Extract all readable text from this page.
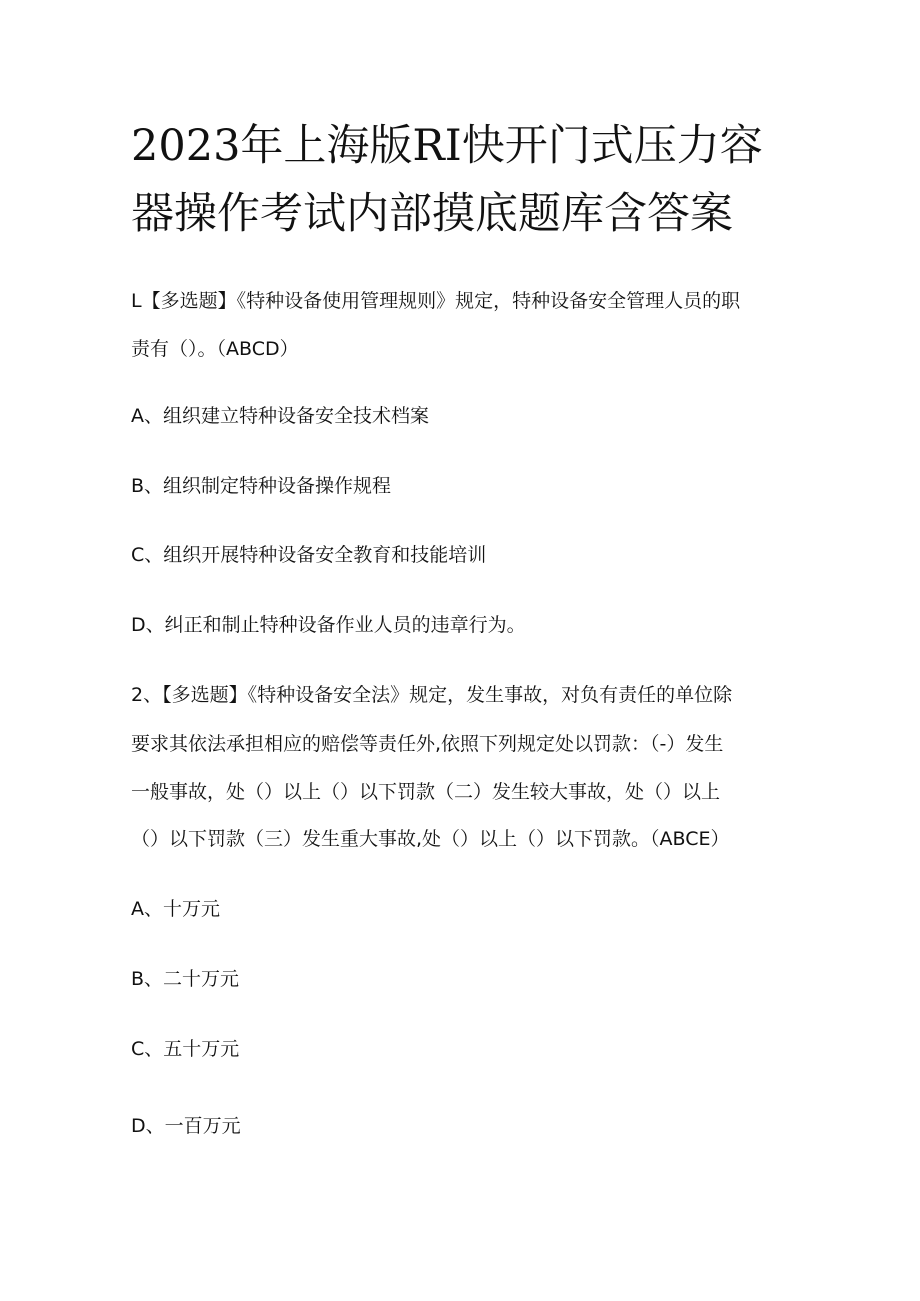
2023年上海版RI快开门式压力容
器操作考试内部摸底题库含答案
L【多选题】《特种设备使用管理规则》规定，特种设备安全管理人员的职
责有（）。（ABCD）
A、组织建立特种设备安全技术档案
B、组织制定特种设备操作规程
C、组织开展特种设备安全教育和技能培训
D、纠正和制止特种设备作业人员的违章行为。
2、【多选题】《特种设备安全法》规定，发生事故，对负有责任的单位除
要求其依法承担相应的赔偿等责任外,依照下列规定处以罚款：（-）发生
一般事故，处（）以上（）以下罚款（二）发生较大事故，处（）以上
（）以下罚款（三）发生重大事故,处（）以上（）以下罚款。（ABCE）
A、十万元
B、二十万元
C、五十万元
D、一百万元
